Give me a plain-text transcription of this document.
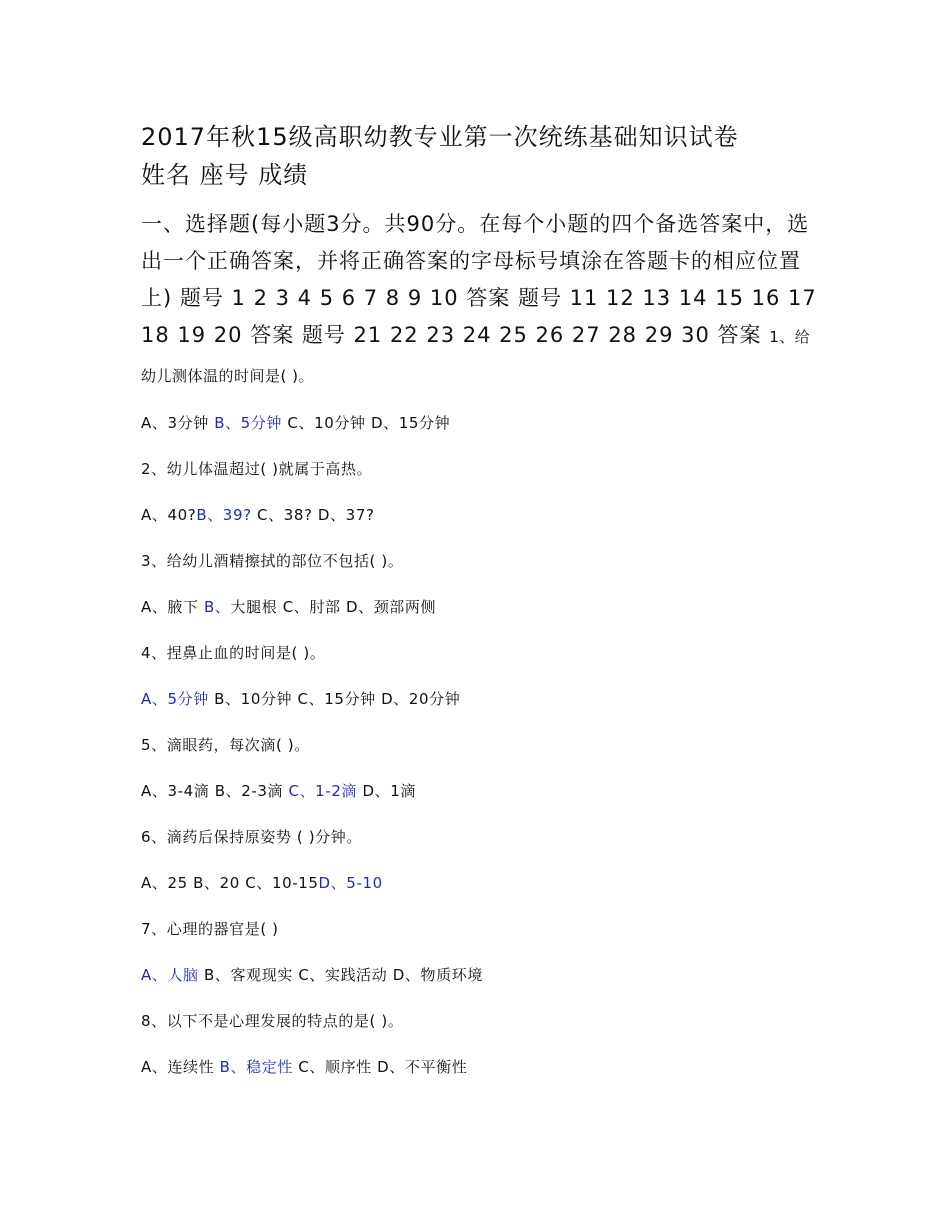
2017年秋15级高职幼教专业第一次统练基础知识试卷
姓名 座号 成绩

一、选择题(每小题3分。共90分。在每个小题的四个备选答案中，选出一个正确答案，并将正确答案的字母标号填涂在答题卡的相应位置上) 题号 1 2 3 4 5 6 7 8 9 10 答案 题号 11 12 13 14 15 16 17 18 19 20 答案 题号 21 22 23 24 25 26 27 28 29 30 答案 1、给幼儿测体温的时间是( )。

A、3分钟 B、5分钟 C、10分钟 D、15分钟

2、幼儿体温超过( )就属于高热。

A、40?B、39? C、38? D、37?

3、给幼儿酒精擦拭的部位不包括( )。

A、腋下 B、大腿根 C、肘部 D、颈部两侧

4、捏鼻止血的时间是( )。

A、5分钟 B、10分钟 C、15分钟 D、20分钟

5、滴眼药，每次滴( )。

A、3-4滴 B、2-3滴 C、1-2滴 D、1滴

6、滴药后保持原姿势 ( )分钟。

A、25 B、20 C、10-15D、5-10

7、心理的器官是( )

A、人脑 B、客观现实 C、实践活动 D、物质环境

8、以下不是心理发展的特点的是( )。

A、连续性 B、稳定性 C、顺序性 D、不平衡性
